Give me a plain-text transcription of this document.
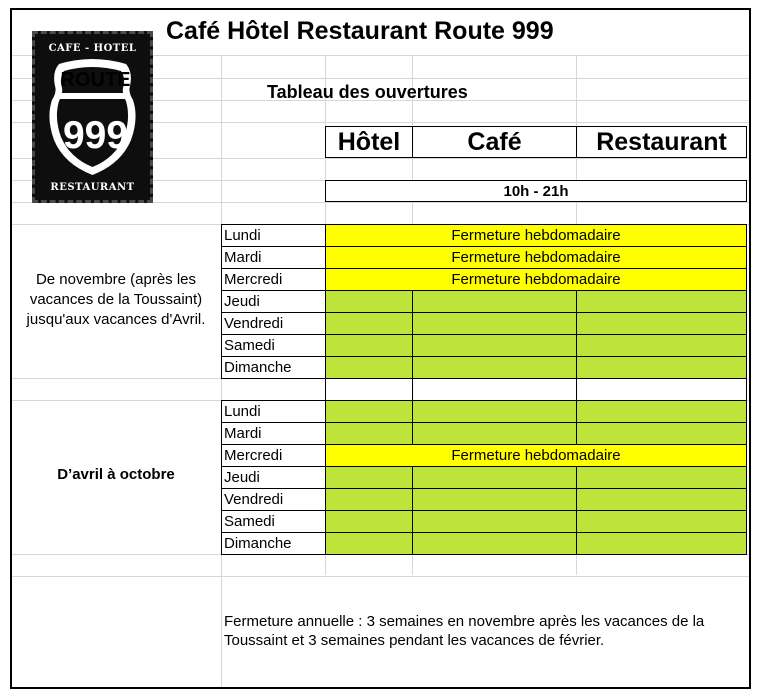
Café Hôtel Restaurant Route 999
Tableau des ouvertures
CAFE - HOTEL
ROUTE
999
RESTAURANT
Hôtel	Café	Restaurant
10h - 21h
De novembre (après les vacances de la Toussaint) jusqu'aux vacances d'Avril.
D’avril à octobre
Lundi	Fermeture hebdomadaire
Mardi	Fermeture hebdomadaire
Mercredi	Fermeture hebdomadaire
Jeudi
Vendredi
Samedi
Dimanche
Lundi
Mardi
Mercredi	Fermeture hebdomadaire
Jeudi
Vendredi
Samedi
Dimanche
Fermeture annuelle : 3 semaines en novembre après les vacances de la Toussaint et 3 semaines pendant les vacances de février.
